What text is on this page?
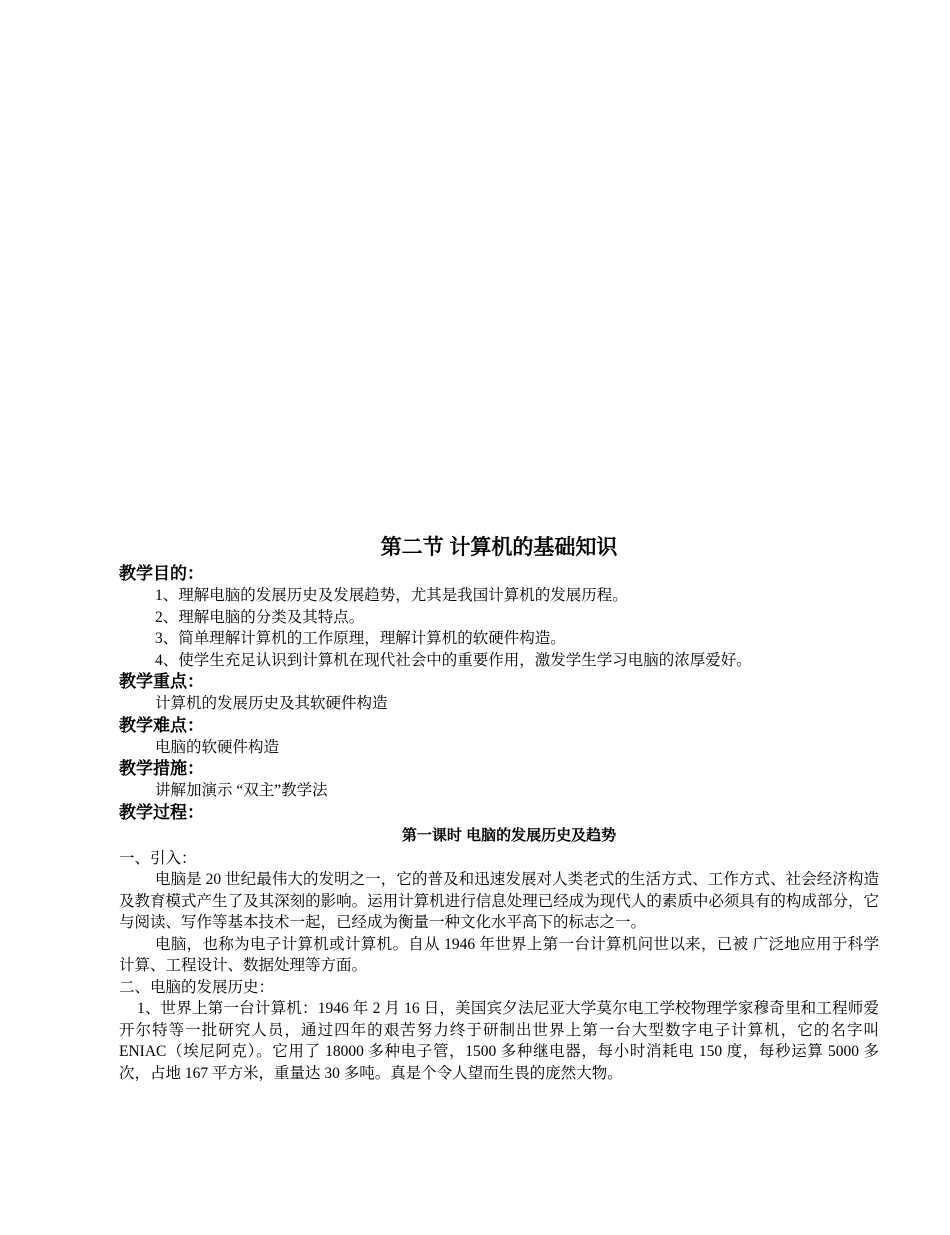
第二节 计算机的基础知识

教学目的：

1、理解电脑的发展历史及发展趋势，尤其是我国计算机的发展历程。

2、理解电脑的分类及其特点。

3、简单理解计算机的工作原理，理解计算机的软硬件构造。

4、使学生充足认识到计算机在现代社会中的重要作用，激发学生学习电脑的浓厚爱好。

教学重点：

计算机的发展历史及其软硬件构造

教学难点：

电脑的软硬件构造

教学措施：

讲解加演示 “双主”教学法

教学过程：

第一课时 电脑的发展历史及趋势

一、引入：

电脑是 20 世纪最伟大的发明之一，它的普及和迅速发展对人类老式的生活方式、工作方式、社会经济构造及教育模式产生了及其深刻的影响。运用计算机进行信息处理已经成为现代人的素质中必须具有的构成部分，它与阅读、写作等基本技术一起，已经成为衡量一种文化水平高下的标志之一。

电脑，也称为电子计算机或计算机。自从 1946 年世界上第一台计算机问世以来，已被 广泛地应用于科学计算、工程设计、数据处理等方面。

二、电脑的发展历史：

1、世界上第一台计算机：1946 年 2 月 16 日，美国宾夕法尼亚大学莫尔电工学校物理学家穆奇里和工程师爱开尔特等一批研究人员，通过四年的艰苦努力终于研制出世界上第一台大型数字电子计算机，它的名字叫 ENIAC（埃尼阿克）。它用了 18000 多种电子管，1500 多种继电器，每小时消耗电 150 度，每秒运算 5000 多次，占地 167 平方米，重量达 30 多吨。真是个令人望而生畏的庞然大物。
